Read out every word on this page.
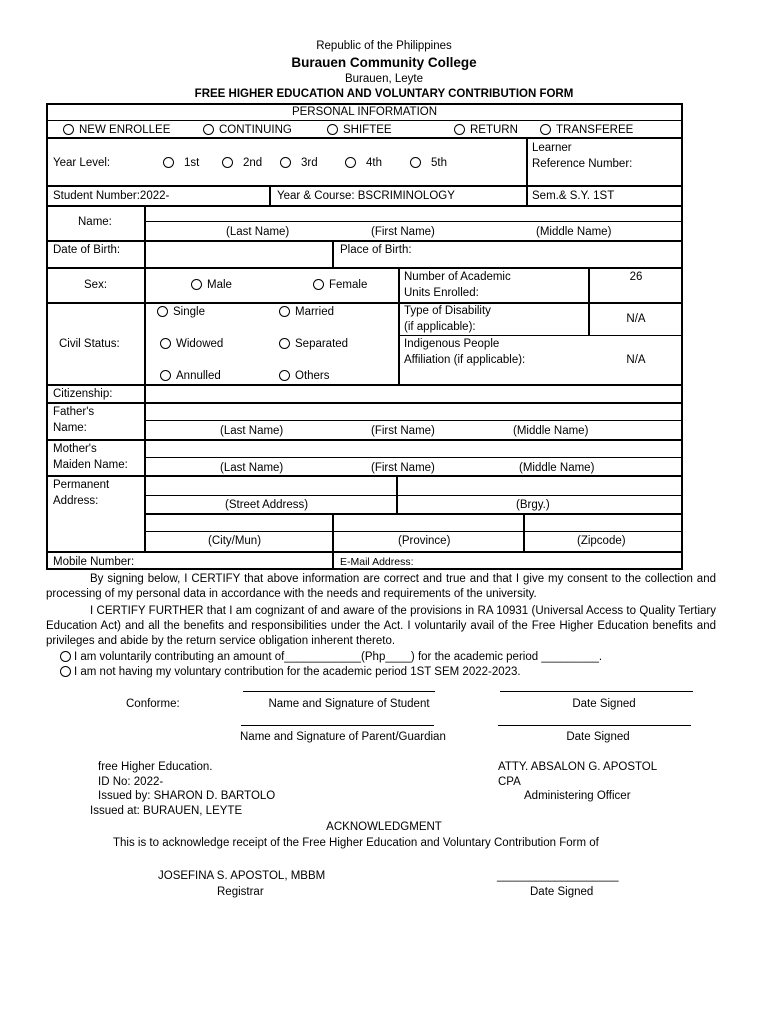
Republic of the Philippines
Burauen Community College
Burauen, Leyte
FREE HIGHER EDUCATION AND VOLUNTARY CONTRIBUTION FORM
PERSONAL INFORMATION
NEW ENROLLEE	CONTINUING	SHIFTEE	RETURN	TRANSFEREE
Year Level:	1st	2nd	3rd	4th	5th
Learner
Reference Number:
Student Number:2022-	Year & Course: BSCRIMINOLOGY	Sem.& S.Y. 1ST
Name:
(Last Name)	(First Name)	(Middle Name)
Date of Birth:	Place of Birth:
Sex:	Male	Female
Number of Academic
Units Enrolled:
26
Civil Status:
Single	Married
Widowed	Separated
Annulled	Others
Type of Disability
(if applicable):
N/A
Indigenous People
Affiliation (if applicable):	N/A
Citizenship:
Father's
Name:	(Last Name)	(First Name)	(Middle Name)
Mother's
Maiden Name:	(Last Name)	(First Name)	(Middle Name)
Permanent
Address:	(Street Address)	(Brgy.)
(City/Mun)	(Province)	(Zipcode)
Mobile Number:	E-Mail Address:
By signing below, I CERTIFY that above information are correct and true and that I give my consent to the collection and processing of my personal data in accordance with the needs and requirements of the university.
I CERTIFY FURTHER that I am cognizant of and aware of the provisions in RA 10931 (Universal Access to Quality Tertiary Education Act) and all the benefits and responsibilities under the Act. I voluntarily avail of the Free Higher Education benefits and privileges and abide by the return service obligation inherent thereto.
I am voluntarily contributing an amount of____________(Php____) for the academic period _________.
I am not having my voluntary contribution for the academic period 1ST SEM 2022-2023.
Conforme:	Name and Signature of Student	Date Signed
Name and Signature of Parent/Guardian	Date Signed
free Higher Education.
ID No: 2022-
Issued by: SHARON D. BARTOLO
Issued at: BURAUEN, LEYTE
ATTY. ABSALON G. APOSTOL
CPA
Administering Officer
ACKNOWLEDGMENT
This is to acknowledge receipt of the Free Higher Education and Voluntary Contribution Form of
JOSEFINA S. APOSTOL, MBBM
Registrar
___________________
Date Signed
